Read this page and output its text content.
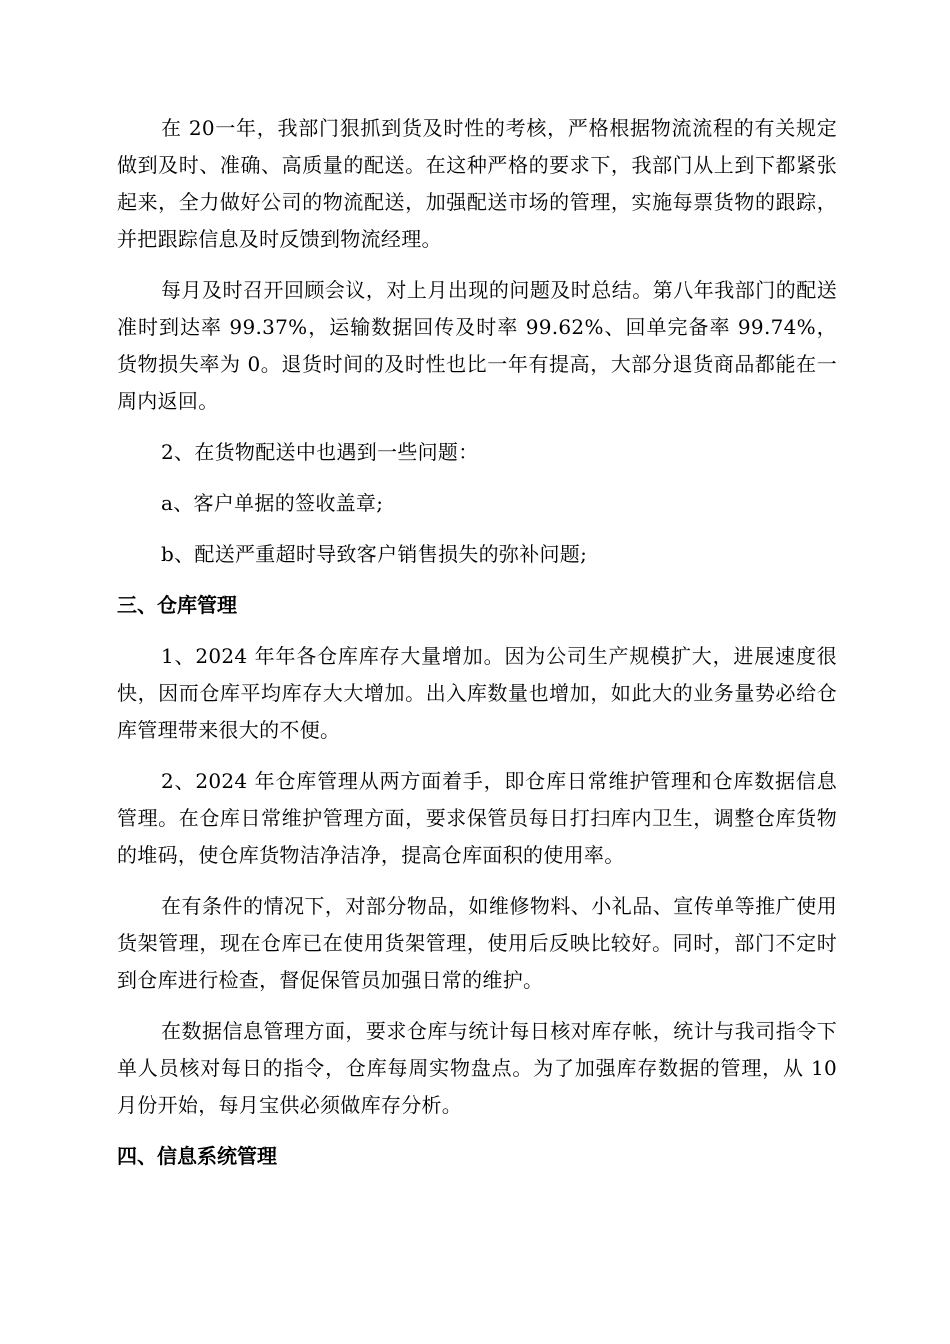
在 20一年，我部门狠抓到货及时性的考核，严格根据物流流程的有关规定做到及时、准确、高质量的配送。在这种严格的要求下，我部门从上到下都紧张起来，全力做好公司的物流配送，加强配送市场的管理，实施每票货物的跟踪，并把跟踪信息及时反馈到物流经理。

每月及时召开回顾会议，对上月出现的问题及时总结。第八年我部门的配送准时到达率 99.37%，运输数据回传及时率 99.62%、回单完备率 99.74%，货物损失率为 0。退货时间的及时性也比一年有提高，大部分退货商品都能在一周内返回。

2、在货物配送中也遇到一些问题：

a、客户单据的签收盖章;

b、配送严重超时导致客户销售损失的弥补问题;

三、仓库管理

1、2024 年年各仓库库存大量增加。因为公司生产规模扩大，进展速度很快，因而仓库平均库存大大增加。出入库数量也增加，如此大的业务量势必给仓库管理带来很大的不便。

2、2024 年仓库管理从两方面着手，即仓库日常维护管理和仓库数据信息管理。在仓库日常维护管理方面，要求保管员每日打扫库内卫生，调整仓库货物的堆码，使仓库货物洁净洁净，提高仓库面积的使用率。

在有条件的情况下，对部分物品，如维修物料、小礼品、宣传单等推广使用货架管理，现在仓库已在使用货架管理，使用后反映比较好。同时，部门不定时到仓库进行检查，督促保管员加强日常的维护。

在数据信息管理方面，要求仓库与统计每日核对库存帐，统计与我司指令下单人员核对每日的指令，仓库每周实物盘点。为了加强库存数据的管理，从 10 月份开始，每月宝供必须做库存分析。

四、信息系统管理
